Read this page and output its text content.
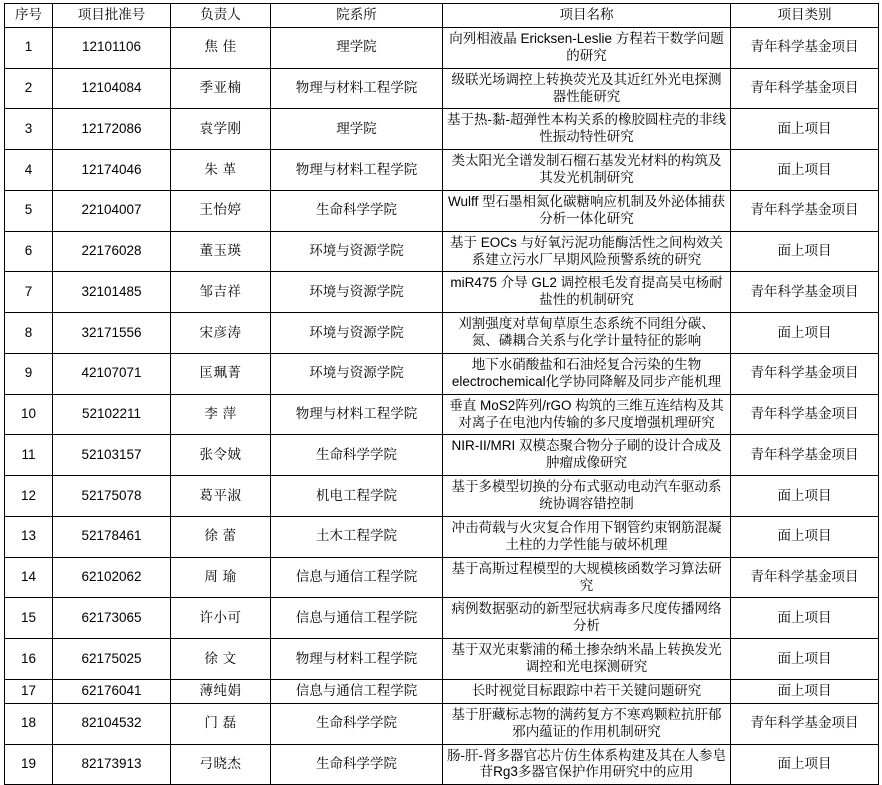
序号	项目批准号	负责人	院系所	项目名称	项目类别
1	12101106	焦 佳	理学院	向列相液晶 Ericksen-Leslie 方程若干数学问题的研究	青年科学基金项目
2	12104084	季亚楠	物理与材料工程学院	级联光场调控上转换荧光及其近红外光电探测器性能研究	青年科学基金项目
3	12172086	袁学刚	理学院	基于热-黏-超弹性本构关系的橡胶圆柱壳的非线性振动特性研究	面上项目
4	12174046	朱 革	物理与材料工程学院	类太阳光全谱发制石榴石基发光材料的构筑及其发光机制研究	面上项目
5	22104007	王怡婷	生命科学学院	Wulff 型石墨相氮化碳糖响应机制及外泌体捕获分析一体化研究	青年科学基金项目
6	22176028	董玉瑛	环境与资源学院	基于 EOCs 与好氧污泥功能酶活性之间构效关系建立污水厂早期风险预警系统的研究	面上项目
7	32101485	邹吉祥	环境与资源学院	miR475 介导 GL2 调控根毛发育提高吴屯杨耐盐性的机制研究	青年科学基金项目
8	32171556	宋彦涛	环境与资源学院	刈割强度对草甸草原生态系统不同组分碳、氮、磷耦合关系与化学计量特征的影响	面上项目
9	42107071	匡珮菁	环境与资源学院	地下水硝酸盐和石油烃复合污染的生物electrochemical化学协同降解及同步产能机理	青年科学基金项目
10	52102211	李 萍	物理与材料工程学院	垂直 MoS2阵列/rGO 构筑的三维互连结构及其对离子在电池内传输的多尺度增强机理研究	青年科学基金项目
11	52103157	张令娀	生命科学学院	NIR-II/MRI 双模态聚合物分子刷的设计合成及肿瘤成像研究	青年科学基金项目
12	52175078	葛平淑	机电工程学院	基于多模型切换的分布式驱动电动汽车驱动系统协调容错控制	面上项目
13	52178461	徐 蕾	土木工程学院	冲击荷载与火灾复合作用下钢管约束钢筋混凝土柱的力学性能与破坏机理	面上项目
14	62102062	周 瑜	信息与通信工程学院	基于高斯过程模型的大规模核函数学习算法研究	青年科学基金项目
15	62173065	许小可	信息与通信工程学院	病例数据驱动的新型冠状病毒多尺度传播网络分析	面上项目
16	62175025	徐 文	物理与材料工程学院	基于双光束紫浦的稀土掺杂纳米晶上转换发光调控和光电探测研究	面上项目
17	62176041	薄纯娟	信息与通信工程学院	长时视觉目标跟踪中若干关键问题研究	面上项目
18	82104532	门 磊	生命科学学院	基于肝藏标志物的满药复方不寒鸡颗粒抗肝郁邪内蕴证的作用机制研究	青年科学基金项目
19	82173913	弓晓杰	生命科学学院	肠-肝-肾多器官芯片仿生体系构建及其在人参皂苷Rg3多器官保护作用研究中的应用	面上项目
